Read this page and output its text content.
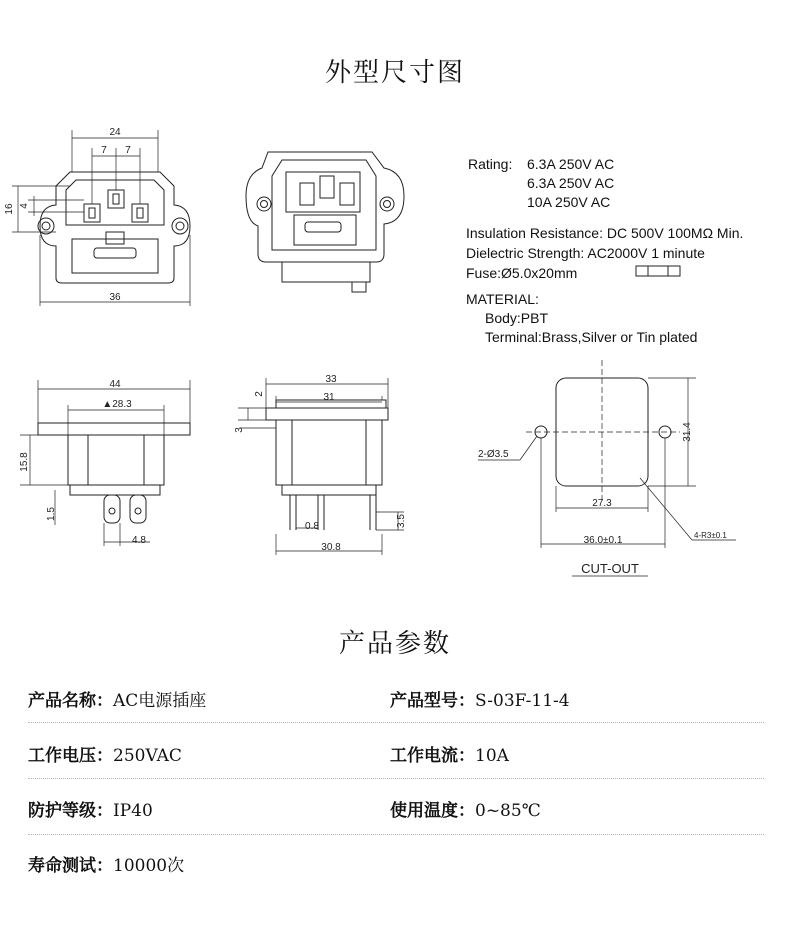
外型尺寸图
24
7 7
16 4
36
44
▲28.3
15.8
1.5
4.8
33
31
2
3
0.8	3.5
30.8
2-Ø3.5
31.4
27.3
36.0±0.1	4-R3±0.1
CUT-OUT
Rating: 6.3A 250V AC
6.3A 250V AC
10A 250V AC
Insulation Resistance: DC 500V 100MΩ Min.
Dielectric Strength: AC2000V 1 minute
Fuse:Ø5.0x20mm
MATERIAL:
Body:PBT
Terminal:Brass,Silver or Tin plated
产品参数
产品名称：AC电源插座	产品型号：S-03F-11-4
工作电压：250VAC	工作电流：10A
防护等级：IP40	使用温度：0~85℃
寿命测试：10000次
